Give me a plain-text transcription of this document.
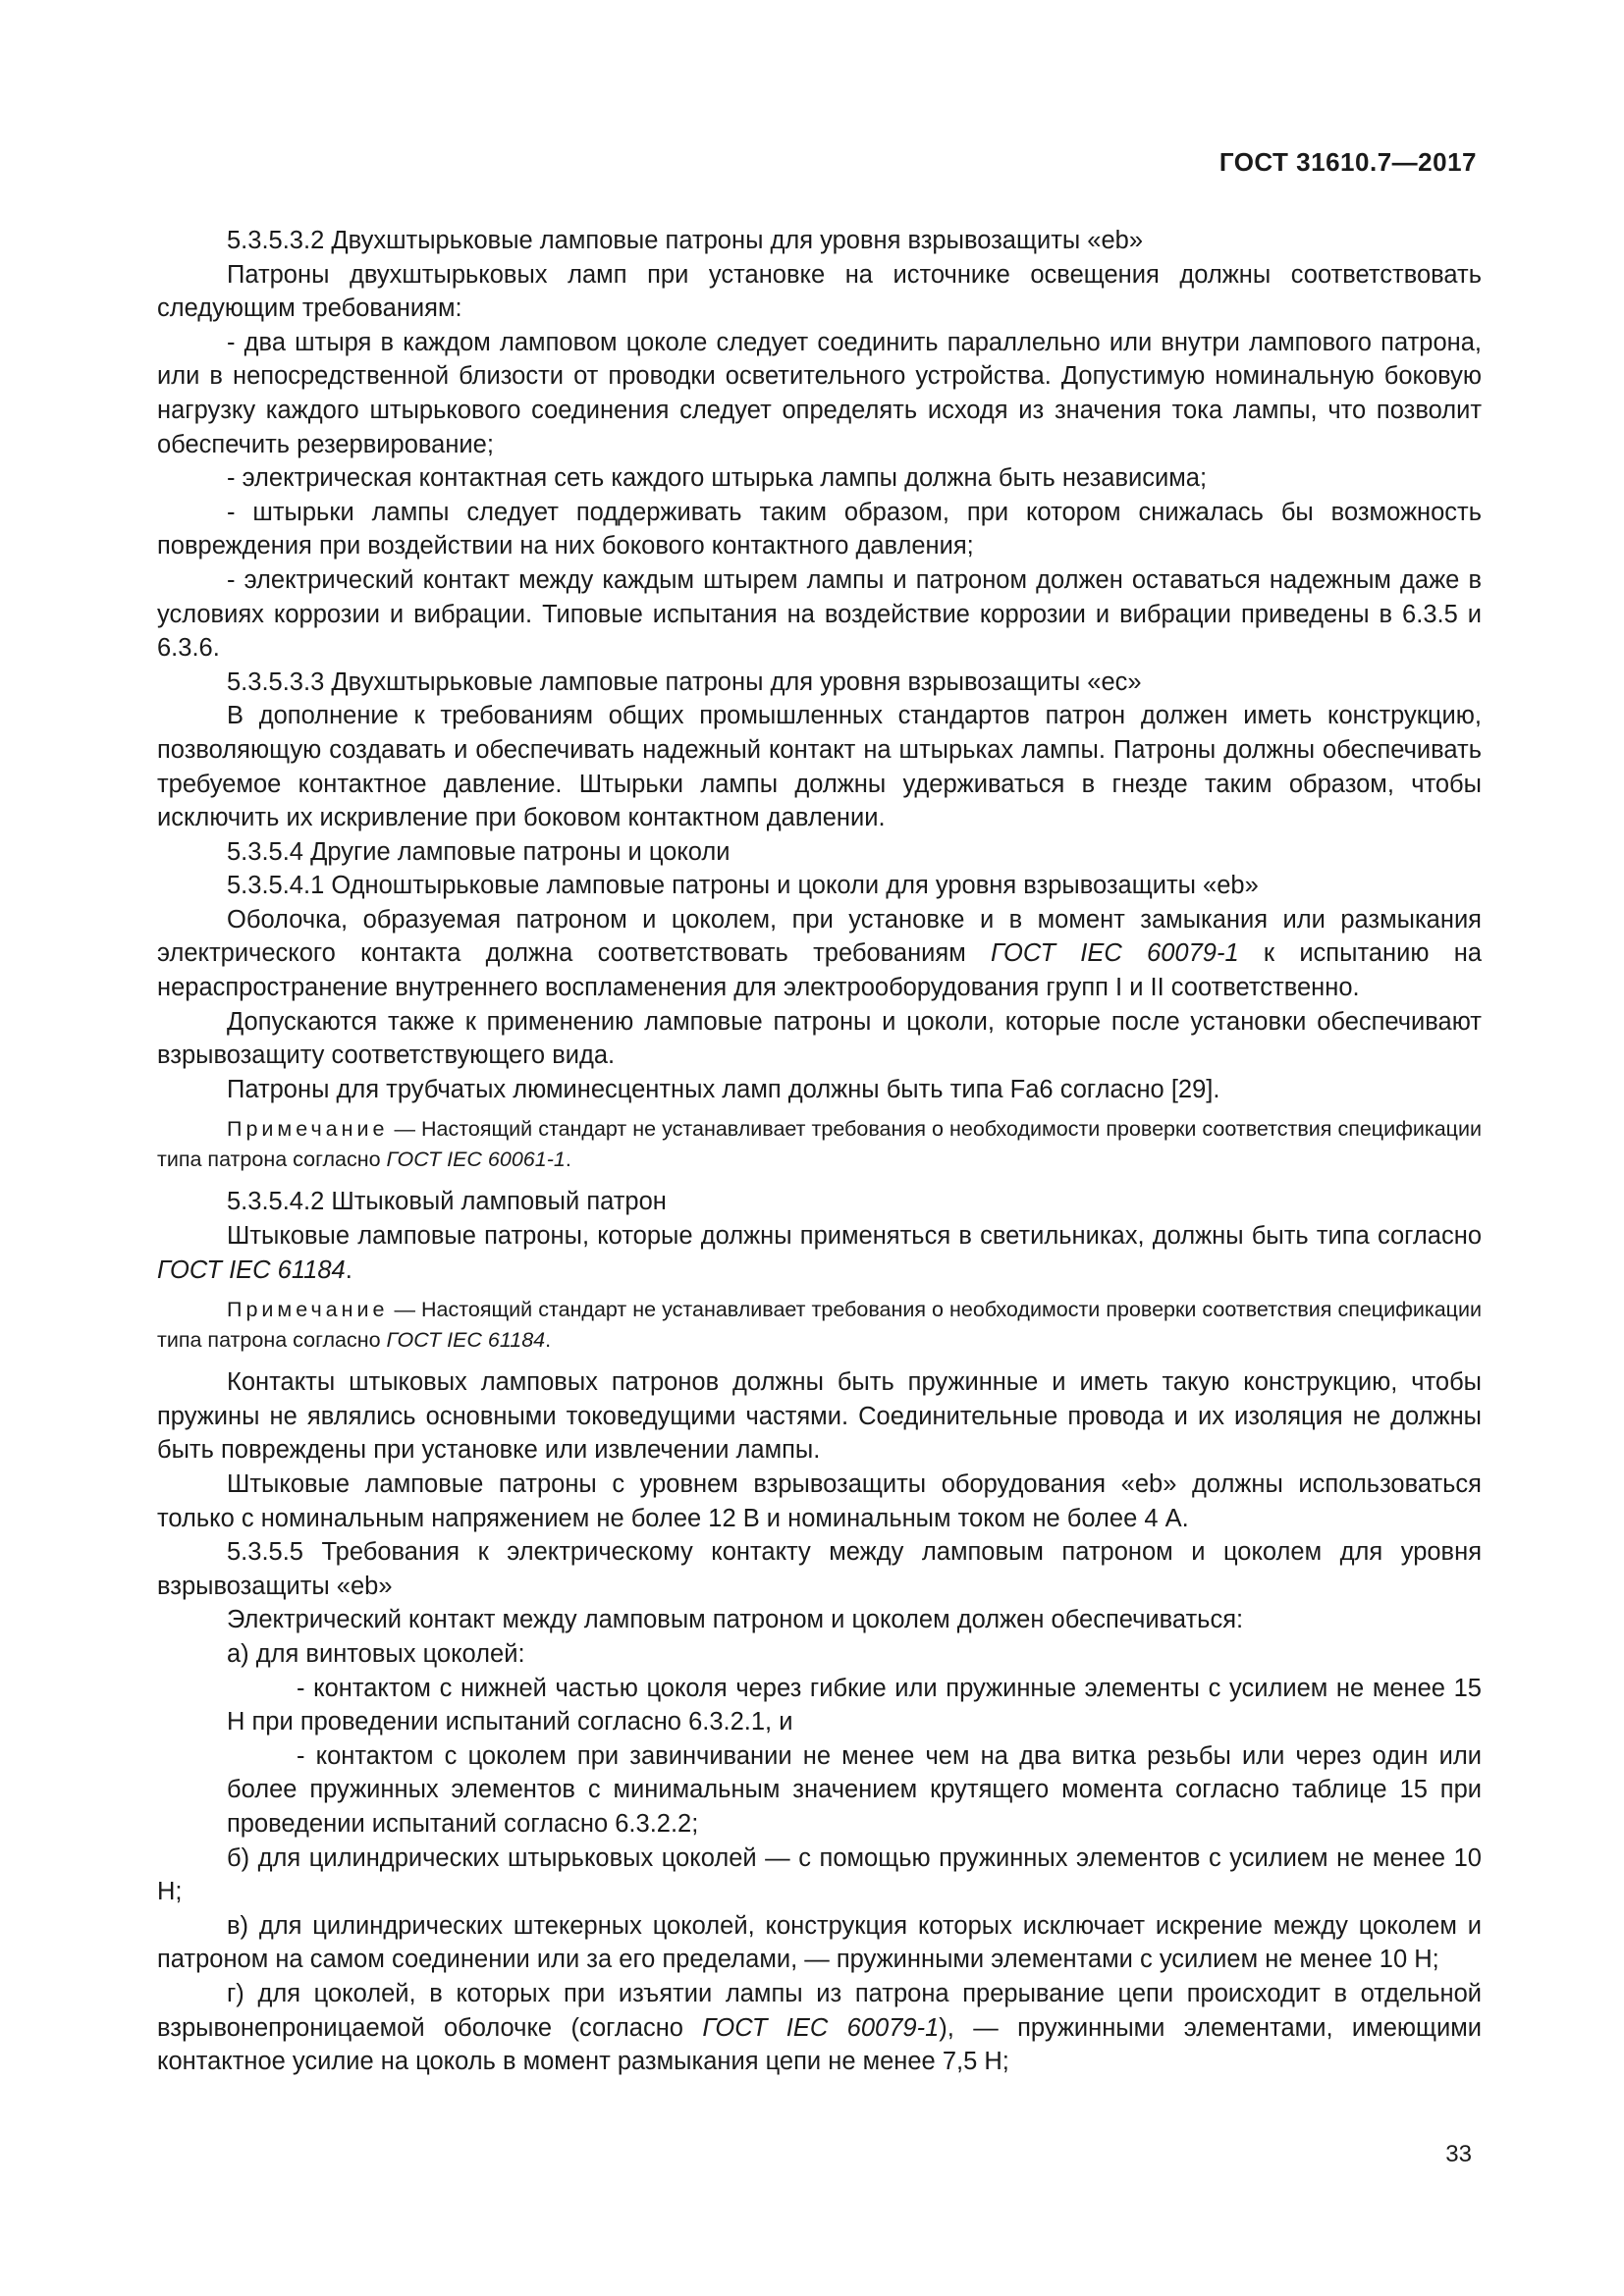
ГОСТ 31610.7—2017

5.3.5.3.2 Двухштырьковые ламповые патроны для уровня взрывозащиты «eb»

Патроны двухштырьковых ламп при установке на источнике освещения должны соответствовать следующим требованиям:

- два штыря в каждом ламповом цоколе следует соединить параллельно или внутри лампового патрона, или в непосредственной близости от проводки осветительного устройства. Допустимую номинальную боковую нагрузку каждого штырькового соединения следует определять исходя из значения тока лампы, что позволит обеспечить резервирование;

- электрическая контактная сеть каждого штырька лампы должна быть независима;

- штырьки лампы следует поддерживать таким образом, при котором снижалась бы возможность повреждения при воздействии на них бокового контактного давления;

- электрический контакт между каждым штырем лампы и патроном должен оставаться надежным даже в условиях коррозии и вибрации. Типовые испытания на воздействие коррозии и вибрации приведены в 6.3.5 и 6.3.6.

5.3.5.3.3 Двухштырьковые ламповые патроны для уровня взрывозащиты «ec»

В дополнение к требованиям общих промышленных стандартов патрон должен иметь конструкцию, позволяющую создавать и обеспечивать надежный контакт на штырьках лампы. Патроны должны обеспечивать требуемое контактное давление. Штырьки лампы должны удерживаться в гнезде таким образом, чтобы исключить их искривление при боковом контактном давлении.

5.3.5.4 Другие ламповые патроны и цоколи

5.3.5.4.1 Одноштырьковые ламповые патроны и цоколи для уровня взрывозащиты «eb»

Оболочка, образуемая патроном и цоколем, при установке и в момент замыкания или размыкания электрического контакта должна соответствовать требованиям ГОСТ IEC 60079-1 к испытанию на нераспространение внутреннего воспламенения для электрооборудования групп I и II соответственно.

Допускаются также к применению ламповые патроны и цоколи, которые после установки обеспечивают взрывозащиту соответствующего вида.

Патроны для трубчатых люминесцентных ламп должны быть типа Fa6 согласно [29].

Примечание — Настоящий стандарт не устанавливает требования о необходимости проверки соответствия спецификации типа патрона согласно ГОСТ IEC 60061-1.

5.3.5.4.2 Штыковый ламповый патрон

Штыковые ламповые патроны, которые должны применяться в светильниках, должны быть типа согласно ГОСТ IEC 61184.

Примечание — Настоящий стандарт не устанавливает требования о необходимости проверки соответствия спецификации типа патрона согласно ГОСТ IEC 61184.

Контакты штыковых ламповых патронов должны быть пружинные и иметь такую конструкцию, чтобы пружины не являлись основными токоведущими частями. Соединительные провода и их изоляция не должны быть повреждены при установке или извлечении лампы.

Штыковые ламповые патроны с уровнем взрывозащиты оборудования «eb» должны использоваться только с номинальным напряжением не более 12 В и номинальным током не более 4 А.

5.3.5.5 Требования к электрическому контакту между ламповым патроном и цоколем для уровня взрывозащиты «eb»

Электрический контакт между ламповым патроном и цоколем должен обеспечиваться:

а) для винтовых цоколей:

- контактом с нижней частью цоколя через гибкие или пружинные элементы с усилием не менее 15 Н при проведении испытаний согласно 6.3.2.1, и

- контактом с цоколем при завинчивании не менее чем на два витка резьбы или через один или более пружинных элементов с минимальным значением крутящего момента согласно таблице 15 при проведении испытаний согласно 6.3.2.2;

б) для цилиндрических штырьковых цоколей — с помощью пружинных элементов с усилием не менее 10 Н;

в) для цилиндрических штекерных цоколей, конструкция которых исключает искрение между цоколем и патроном на самом соединении или за его пределами, — пружинными элементами с усилием не менее 10 Н;

г) для цоколей, в которых при изъятии лампы из патрона прерывание цепи происходит в отдельной взрывонепроницаемой оболочке (согласно ГОСТ IEC 60079-1), — пружинными элементами, имеющими контактное усилие на цоколь в момент размыкания цепи не менее 7,5 Н;

33
